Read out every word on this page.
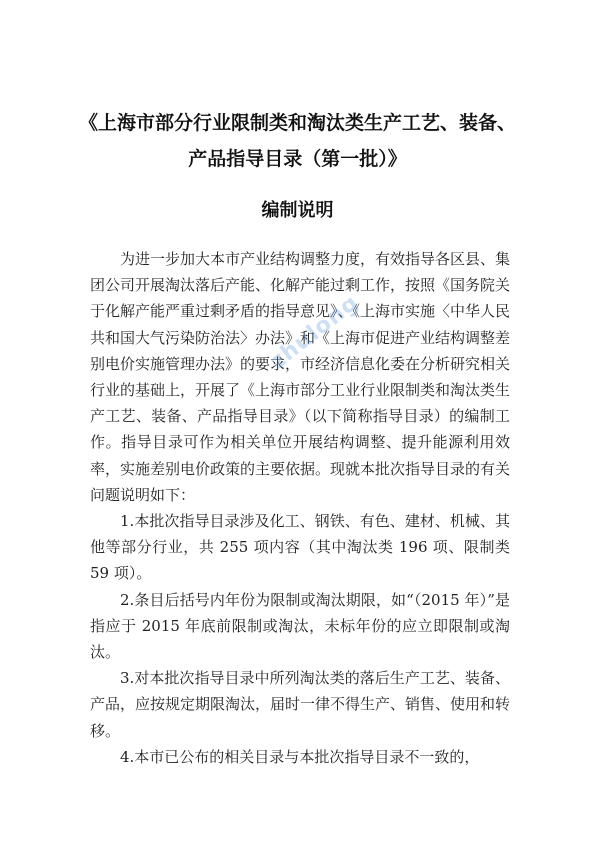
《上海市部分行业限制类和淘汰类生产工艺、装备、
产品指导目录（第一批）》
编制说明

为进一步加大本市产业结构调整力度，有效指导各区县、集团公司开展淘汰落后产能、化解产能过剩工作，按照《国务院关于化解产能严重过剩矛盾的指导意见》、《上海市实施〈中华人民共和国大气污染防治法〉办法》和《上海市促进产业结构调整差别电价实施管理办法》的要求，市经济信息化委在分析研究相关行业的基础上，开展了《上海市部分工业行业限制类和淘汰类生产工艺、装备、产品指导目录》（以下简称指导目录）的编制工作。指导目录可作为相关单位开展结构调整、提升能源利用效率，实施差别电价政策的主要依据。现就本批次指导目录的有关问题说明如下：

1.本批次指导目录涉及化工、钢铁、有色、建材、机械、其他等部分行业，共 255 项内容（其中淘汰类 196 项、限制类 59 项）。

2.条目后括号内年份为限制或淘汰期限，如“（2015 年）”是指应于 2015 年底前限制或淘汰，未标年份的应立即限制或淘汰。

3.对本批次指导目录中所列淘汰类的落后生产工艺、装备、产品，应按规定期限淘汰，届时一律不得生产、销售、使用和转移。

4.本市已公布的相关目录与本批次指导目录不一致的，

zhulong
